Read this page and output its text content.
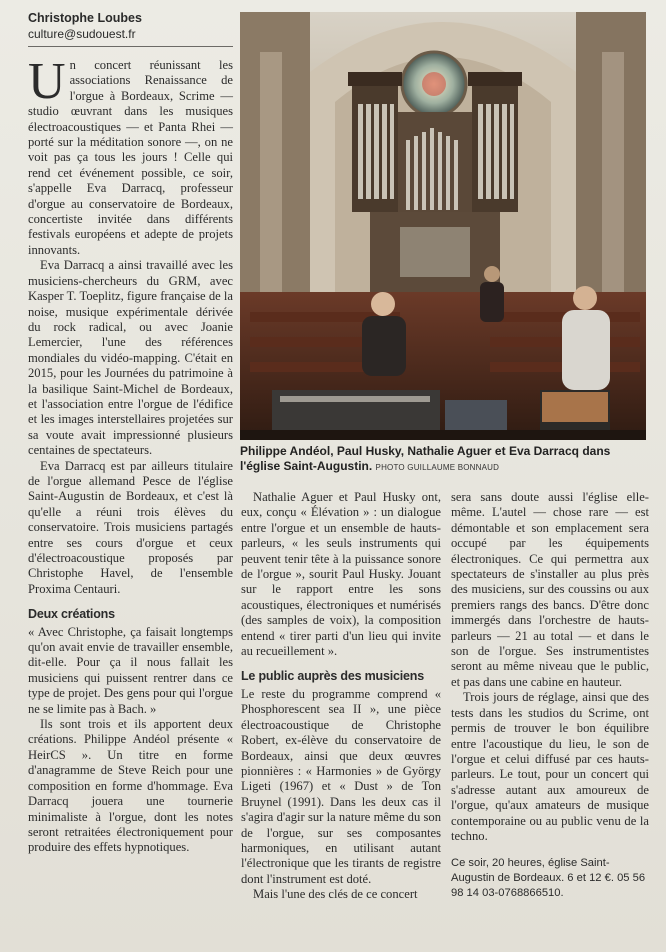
Christophe Loubes
culture@sudouest.fr

Un concert réunissant les associations Renaissance de l'orgue à Bordeaux, Scrime — studio œuvrant dans les musiques électroacoustiques — et Panta Rhei — porté sur la méditation sonore —, on ne voit pas ça tous les jours ! Celle qui rend cet événement possible, ce soir, s'appelle Eva Darracq, professeur d'orgue au conservatoire de Bordeaux, concertiste invitée dans différents festivals européens et adepte de projets innovants.

Eva Darracq a ainsi travaillé avec les musiciens-chercheurs du GRM, avec Kasper T. Toeplitz, figure française de la noise, musique expérimentale dérivée du rock radical, ou avec Joanie Lemercier, l'une des références mondiales du vidéo-mapping. C'était en 2015, pour les Journées du patrimoine à la basilique Saint-Michel de Bordeaux, et l'association entre l'orgue de l'édifice et les images interstellaires projetées sur sa voute avait impressionné plusieurs centaines de spectateurs.

Eva Darracq est par ailleurs titulaire de l'orgue allemand Pesce de l'église Saint-Augustin de Bordeaux, et c'est là qu'elle a réuni trois élèves du conservatoire. Trois musiciens partagés entre ses cours d'orgue et ceux d'électroacoustique proposés par Christophe Havel, de l'ensemble Proxima Centauri.

Deux créations

« Avec Christophe, ça faisait longtemps qu'on avait envie de travailler ensemble, dit-elle. Pour ça il nous fallait les musiciens qui puissent rentrer dans ce type de projet. Des gens pour qui l'orgue ne se limite pas à Bach. »

Ils sont trois et ils apportent deux créations. Philippe Andéol présente « HeirCS ». Un titre en forme d'anagramme de Steve Reich pour une composition en forme d'hommage. Eva Darracq jouera une tournerie minimaliste à l'orgue, dont les notes seront retraitées électroniquement pour produire des effets hypnotiques.

Philippe Andéol, Paul Husky, Nathalie Aguer et Eva Darracq dans l'église Saint-Augustin. PHOTO GUILLAUME BONNAUD

Nathalie Aguer et Paul Husky ont, eux, conçu « Élévation » : un dialogue entre l'orgue et un ensemble de hauts-parleurs, « les seuls instruments qui peuvent tenir tête à la puissance sonore de l'orgue », sourit Paul Husky. Jouant sur le rapport entre les sons acoustiques, électroniques et numérisés (des samples de voix), la composition entend « tirer parti d'un lieu qui invite au recueillement ».

Le public auprès des musiciens

Le reste du programme comprend « Phosphorescent sea II », une pièce électroacoustique de Christophe Robert, ex-élève du conservatoire de Bordeaux, ainsi que deux œuvres pionnières : « Harmonies » de György Ligeti (1967) et « Dust » de Ton Bruynel (1991). Dans les deux cas il s'agira d'agir sur la nature même du son de l'orgue, sur ses composantes harmoniques, en utilisant autant l'électronique que les tirants de registre dont l'instrument est doté.

Mais l'une des clés de ce concert

sera sans doute aussi l'église elle-même. L'autel — chose rare — est démontable et son emplacement sera occupé par les équipements électroniques. Ce qui permettra aux spectateurs de s'installer au plus près des musiciens, sur des coussins ou aux premiers rangs des bancs. D'être donc immergés dans l'orchestre de hauts-parleurs — 21 au total — et dans le son de l'orgue. Ses instrumentistes seront au même niveau que le public, et pas dans une cabine en hauteur.

Trois jours de réglage, ainsi que des tests dans les studios du Scrime, ont permis de trouver le bon équilibre entre l'acoustique du lieu, le son de l'orgue et celui diffusé par ces hauts-parleurs. Le tout, pour un concert qui s'adresse autant aux amoureux de l'orgue, qu'aux amateurs de musique contemporaine ou au public venu de la techno.

Ce soir, 20 heures, église Saint-Augustin de Bordeaux. 6 et 12 €. 05 56 98 14 03-0768866510.
